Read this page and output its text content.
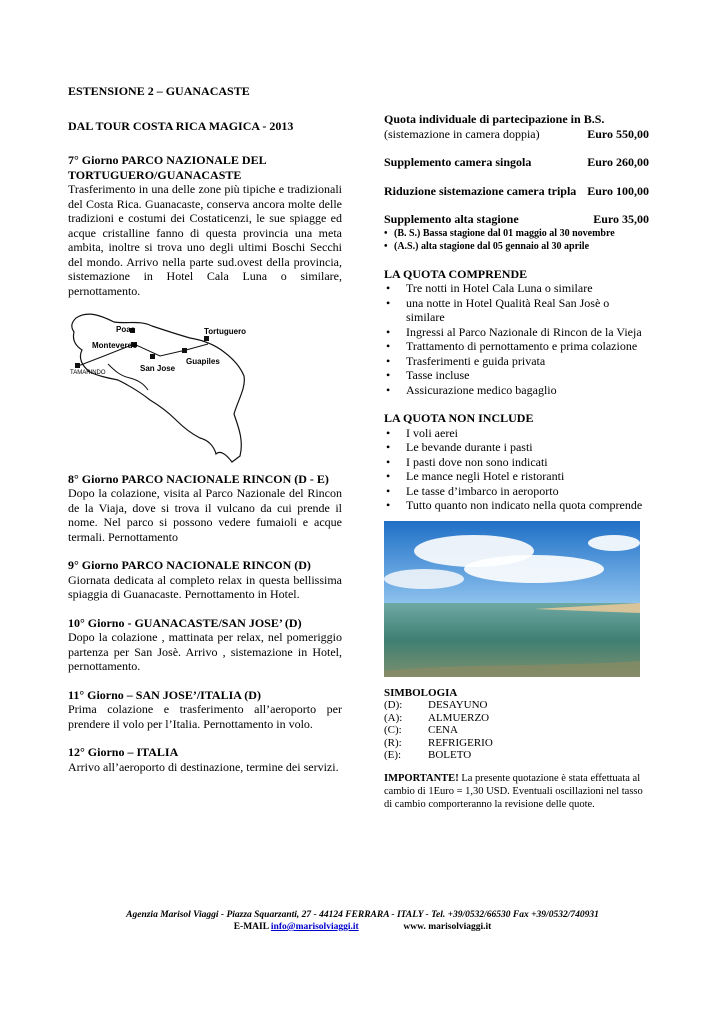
ESTENSIONE 2 – GUANACASTE
DAL TOUR COSTA RICA MAGICA - 2013
7° Giorno PARCO NAZIONALE DEL TORTUGUERO/GUANACASTE
Trasferimento in una delle zone più tipiche e tradizionali del Costa Rica. Guanacaste, conserva ancora molte delle tradizioni e costumi dei Costaticenzi, le sue spiagge ed acque cristalline fanno di questa provincia una meta ambita, inoltre si trova uno degli ultimi Boschi Secchi del mondo. Arrivo nella parte sud.ovest della provincia, sistemazione in Hotel Cala Luna o similare, pernottamento.
Poas	Tortuguero
Monteverde
Guapiles
TAMARINDO	San Jose
8° Giorno PARCO NACIONALE RINCON (D - E)
Dopo la colazione, visita al Parco Nazionale del Rincon de la Viaja, dove si trova il vulcano da cui prende il nome. Nel parco si possono vedere fumaioli e acque termali. Pernottamento
9° Giorno PARCO NACIONALE RINCON (D)
Giornata dedicata al completo relax in questa bellissima spiaggia di Guanacaste. Pernottamento in Hotel.
10° Giorno - GUANACASTE/SAN JOSE’ (D)
Dopo la colazione , mattinata per relax, nel pomeriggio partenza per San Josè. Arrivo , sistemazione in Hotel, pernottamento.
11° Giorno – SAN JOSE’/ITALIA (D)
Prima colazione e trasferimento all’aeroporto per prendere il volo per l’Italia. Pernottamento in volo.
12° Giorno – ITALIA
Arrivo all’aeroporto di destinazione, termine dei servizi.
Quota individuale di partecipazione in B.S.
(sistemazione in camera doppia)	Euro 550,00
Supplemento camera singola	Euro 260,00
Riduzione sistemazione camera tripla Euro 100,00
Supplemento alta stagione	Euro 35,00
• (B. S.) Bassa stagione dal 01 maggio al 30 novembre
• (A.S.) alta stagione dal 05 gennaio al 30 aprile
LA QUOTA COMPRENDE
• Tre notti in Hotel Cala Luna o similare
• una notte in Hotel Qualità Real San Josè o similare
• Ingressi al Parco Nazionale di Rincon de la Vieja
• Trattamento di pernottamento e prima colazione
• Trasferimenti e guida privata
• Tasse incluse
• Assicurazione medico bagaglio
LA QUOTA NON INCLUDE
• I voli aerei
• Le bevande durante i pasti
• I pasti dove non sono indicati
• Le mance negli Hotel e ristoranti
• Le tasse d’imbarco in aeroporto
• Tutto quanto non indicato nella quota comprende
SIMBOLOGIA
(D):	DESAYUNO
(A):	ALMUERZO
(C):	CENA
(R):	REFRIGERIO
(E):	BOLETO
IMPORTANTE! La presente quotazione è stata effettuata al cambio di 1Euro = 1,30 USD. Eventuali oscillazioni nel tasso di cambio comporteranno la revisione delle quote.
Agenzia Marisol Viaggi - Piazza Squarzanti, 27 - 44124 FERRARA - ITALY - Tel. +39/0532/66530 Fax +39/0532/740931
E-MAIL info@marisolviaggi.it	www. marisolviaggi.it
